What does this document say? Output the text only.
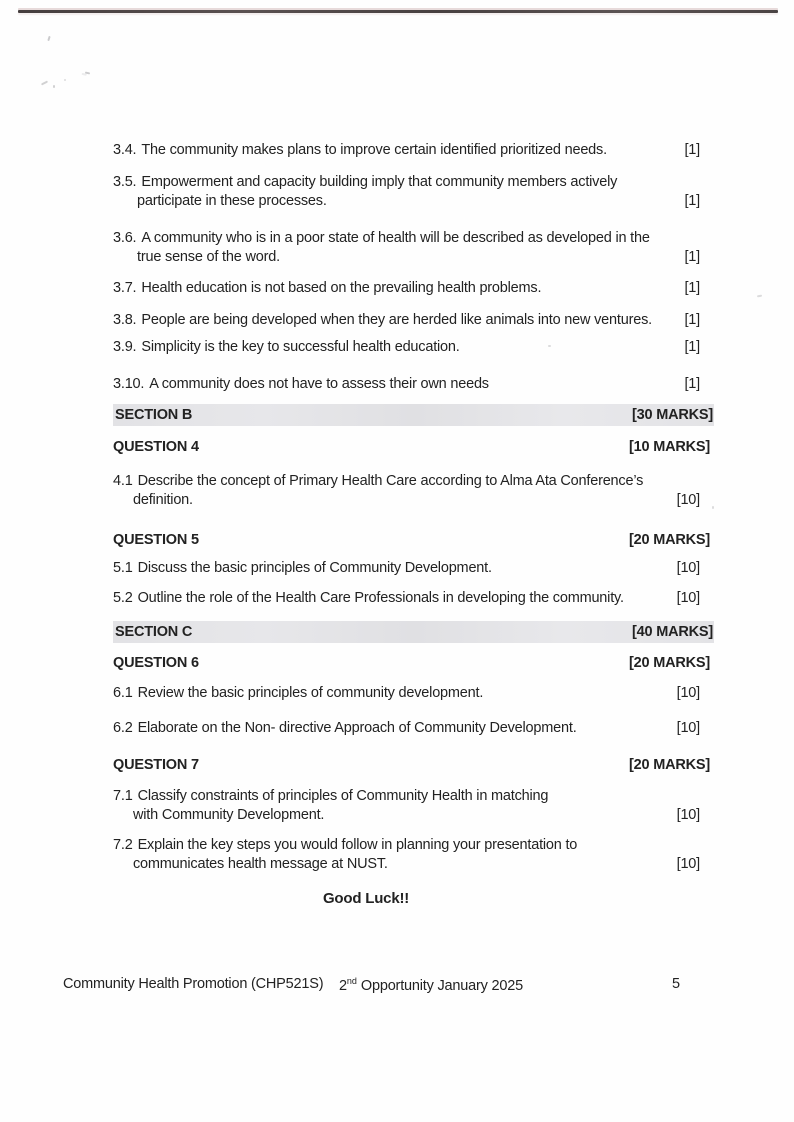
3.4. The community makes plans to improve certain identified prioritized needs.	[1]
3.5. Empowerment and capacity building imply that community members actively
participate in these processes.	[1]
3.6. A community who is in a poor state of health will be described as developed in the
true sense of the word.	[1]
3.7. Health education is not based on the prevailing health problems.	[1]
3.8. People are being developed when they are herded like animals into new ventures.	[1]
3.9. Simplicity is the key to successful health education.	[1]
3.10. A community does not have to assess their own needs	[1]
SECTION B	[30 MARKS]
QUESTION 4	[10 MARKS]
4.1 Describe the concept of Primary Health Care according to Alma Ata Conference’s
definition.	[10]
QUESTION 5	[20 MARKS]
5.1 Discuss the basic principles of Community Development.	[10]
5.2 Outline the role of the Health Care Professionals in developing the community.	[10]
SECTION C	[40 MARKS]
QUESTION 6	[20 MARKS]
6.1 Review the basic principles of community development.	[10]
6.2 Elaborate on the Non- directive Approach of Community Development.	[10]
QUESTION 7	[20 MARKS]
7.1 Classify constraints of principles of Community Health in matching
with Community Development.	[10]
7.2 Explain the key steps you would follow in planning your presentation to
communicates health message at NUST.	[10]
Good Luck!!
Community Health Promotion (CHP521S) 2nd Opportunity January 2025	5
